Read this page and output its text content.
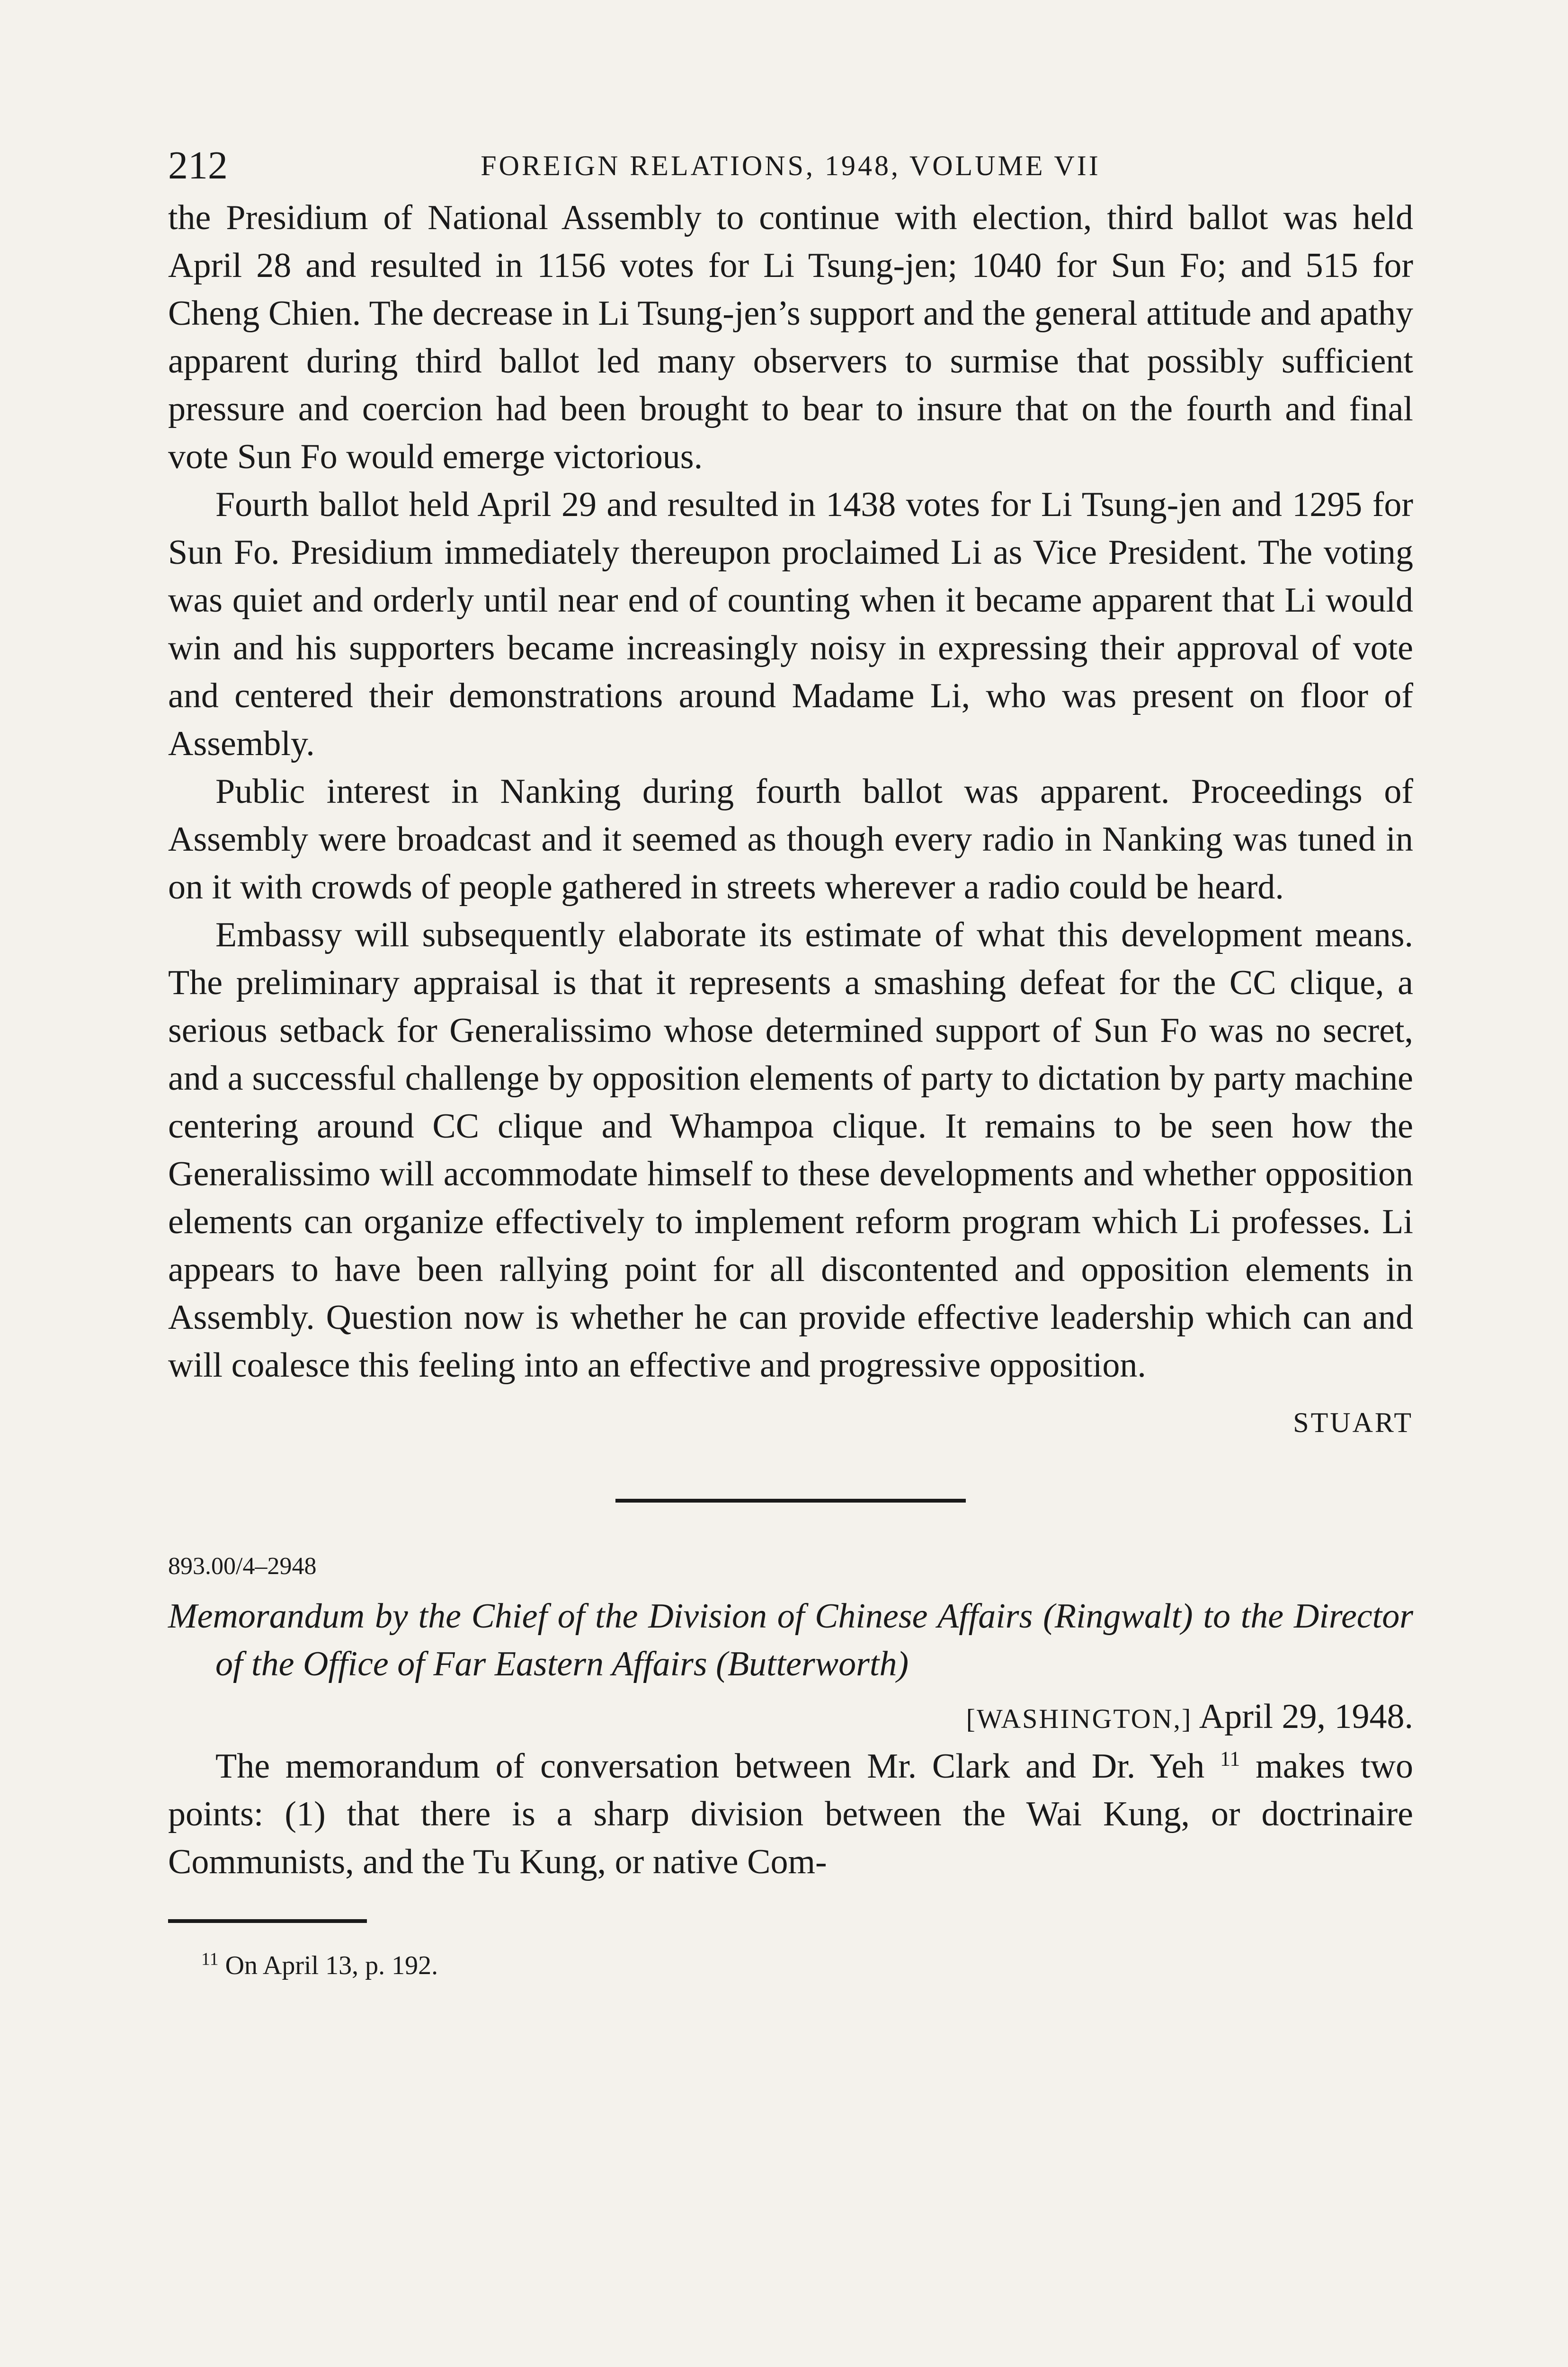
212	FOREIGN RELATIONS, 1948, VOLUME VII

the Presidium of National Assembly to continue with election, third ballot was held April 28 and resulted in 1156 votes for Li Tsung-jen; 1040 for Sun Fo; and 515 for Cheng Chien. The decrease in Li Tsung-jen’s support and the general attitude and apathy apparent during third ballot led many observers to surmise that possibly sufficient pressure and coercion had been brought to bear to insure that on the fourth and final vote Sun Fo would emerge victorious.

Fourth ballot held April 29 and resulted in 1438 votes for Li Tsung-jen and 1295 for Sun Fo. Presidium immediately thereupon proclaimed Li as Vice President. The voting was quiet and orderly until near end of counting when it became apparent that Li would win and his supporters became increasingly noisy in expressing their approval of vote and centered their demonstrations around Madame Li, who was present on floor of Assembly.

Public interest in Nanking during fourth ballot was apparent. Proceedings of Assembly were broadcast and it seemed as though every radio in Nanking was tuned in on it with crowds of people gathered in streets wherever a radio could be heard.

Embassy will subsequently elaborate its estimate of what this development means. The preliminary appraisal is that it represents a smashing defeat for the CC clique, a serious setback for Generalissimo whose determined support of Sun Fo was no secret, and a successful challenge by opposition elements of party to dictation by party machine centering around CC clique and Whampoa clique. It remains to be seen how the Generalissimo will accommodate himself to these developments and whether opposition elements can organize effectively to implement reform program which Li professes. Li appears to have been rallying point for all discontented and opposition elements in Assembly. Question now is whether he can provide effective leadership which can and will coalesce this feeling into an effective and progressive opposition.

STUART
893.00/4–2948
Memorandum by the Chief of the Division of Chinese Affairs (Ringwalt) to the Director of the Office of Far Eastern Affairs (Butterworth)
[WASHINGTON,] April 29, 1948.

The memorandum of conversation between Mr. Clark and Dr. Yeh $^{11}$ makes two points: (1) that there is a sharp division between the Wai Kung, or doctrinaire Communists, and the Tu Kung, or native Com-

$^{11}$ On April 13, p. 192.
